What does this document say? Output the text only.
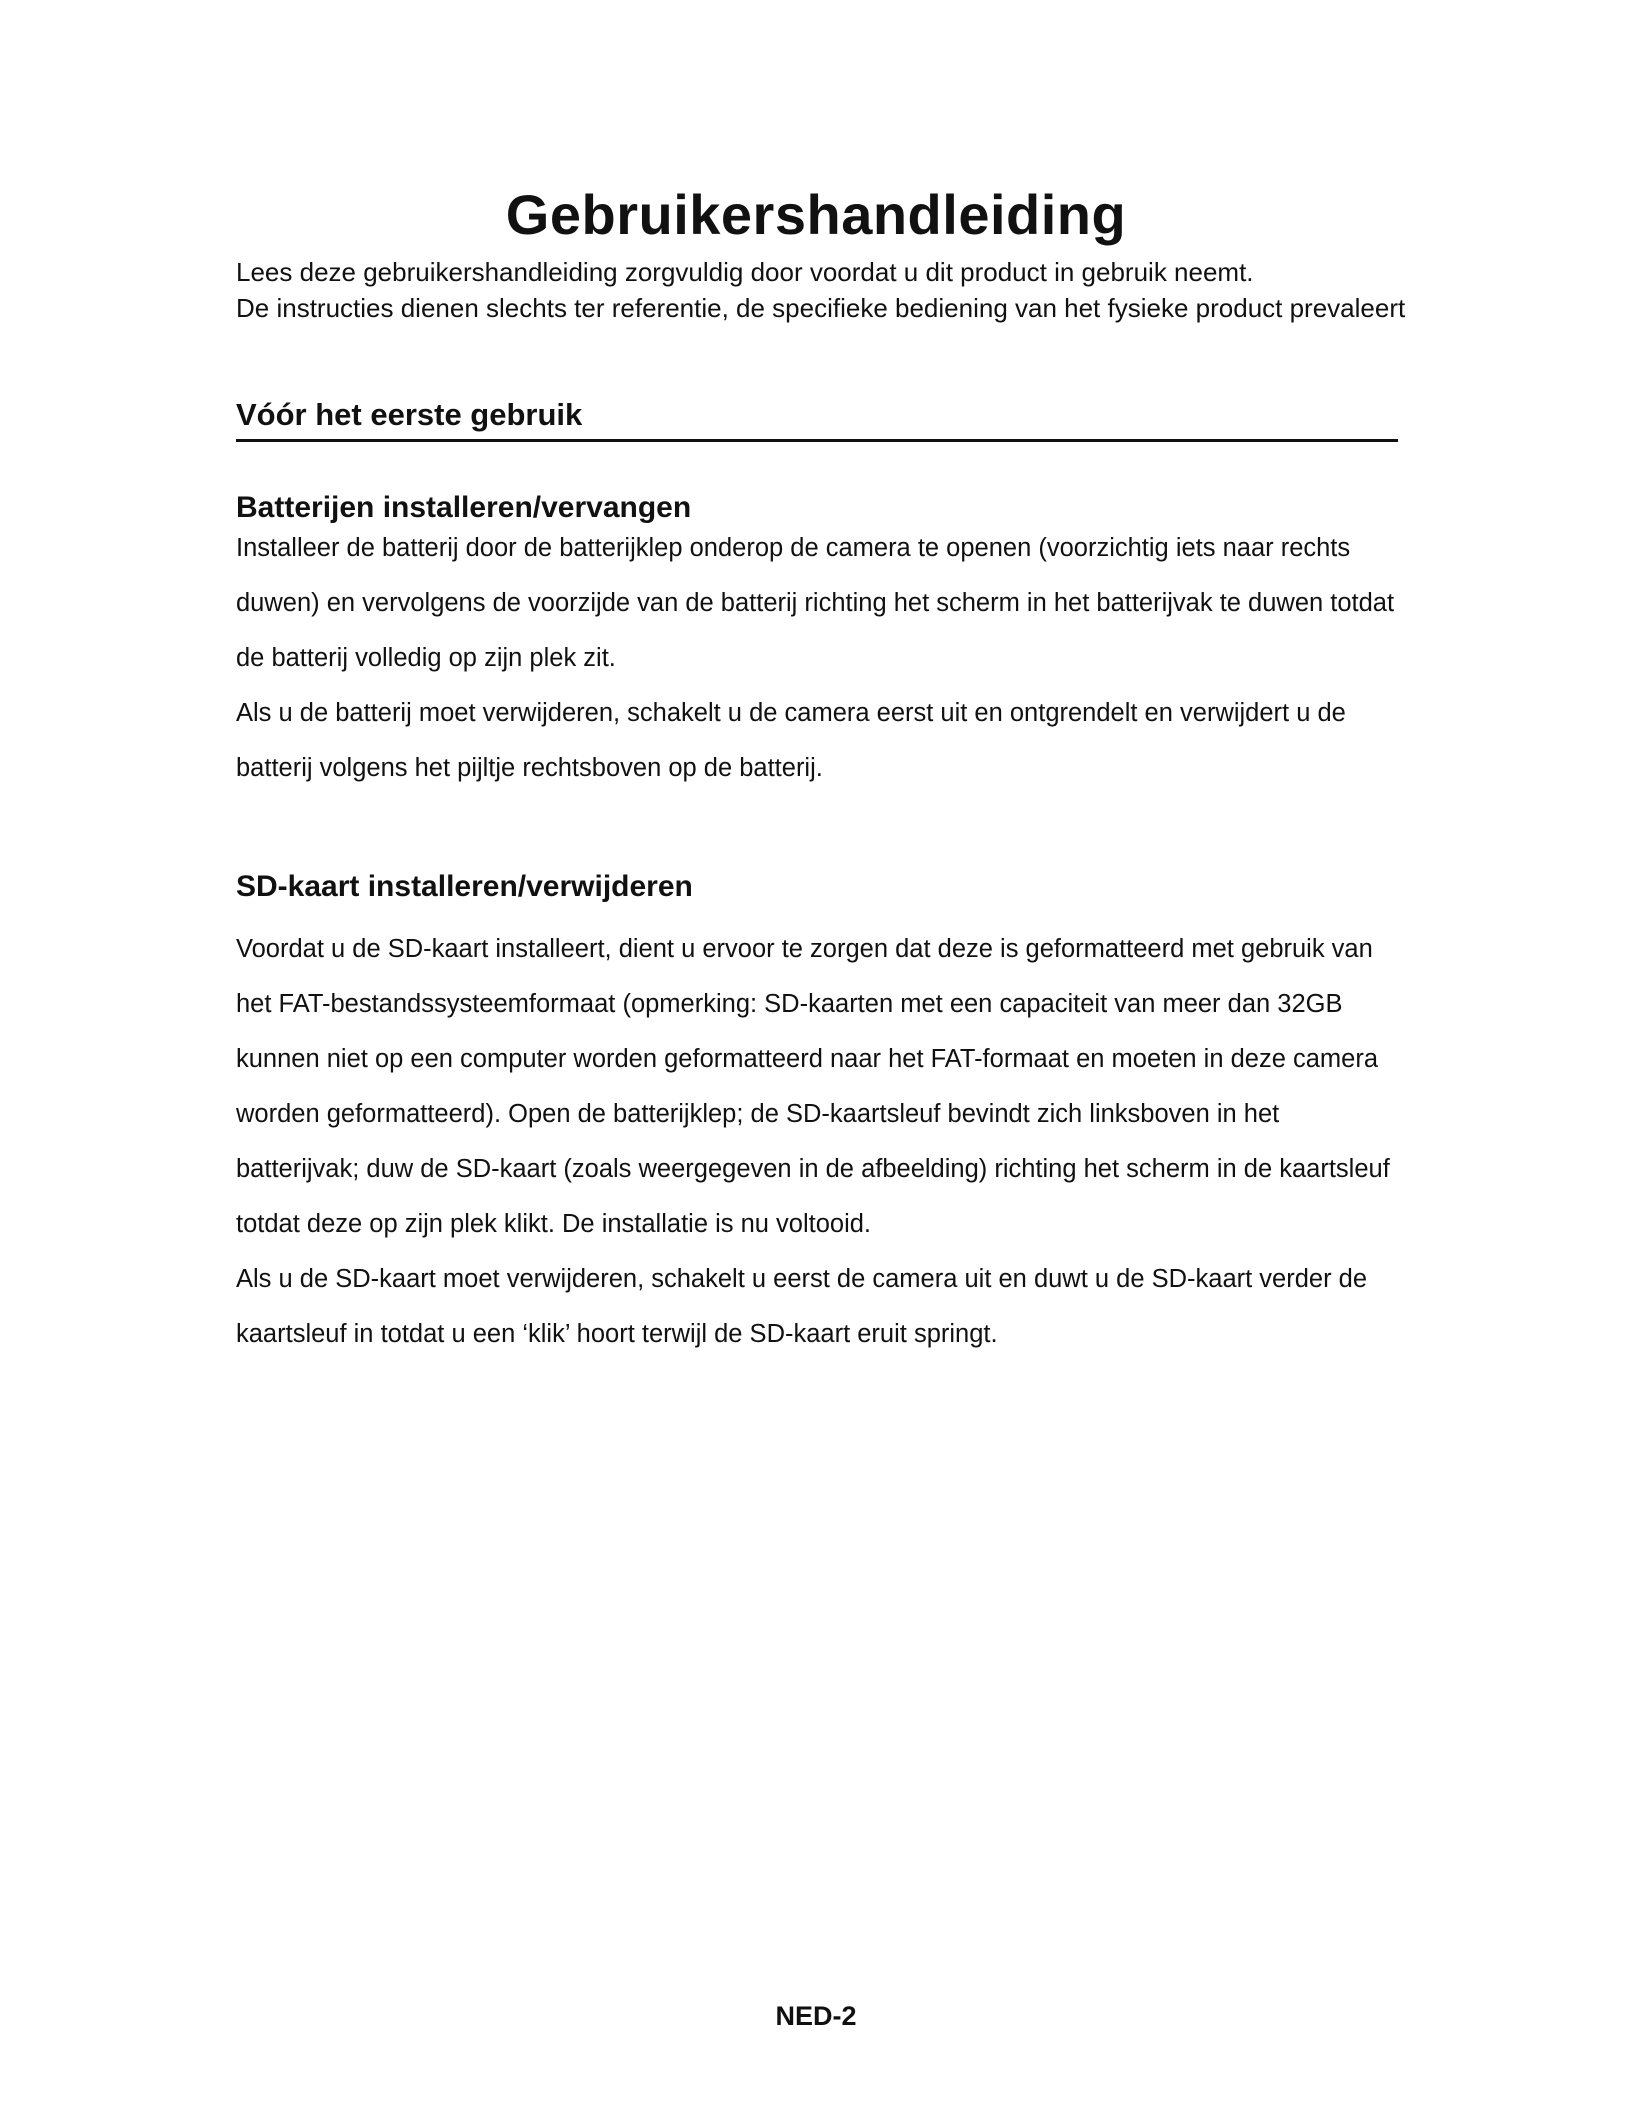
Gebruikershandleiding

Lees deze gebruikershandleiding zorgvuldig door voordat u dit product in gebruik neemt.

De instructies dienen slechts ter referentie, de specifieke bediening van het fysieke product prevaleert

Vóór het eerste gebruik
Batterijen installeren/vervangen

Installeer de batterij door de batterijklep onderop de camera te openen (voorzichtig iets naar rechts duwen) en vervolgens de voorzijde van de batterij richting het scherm in het batterijvak te duwen totdat de batterij volledig op zijn plek zit.

Als u de batterij moet verwijderen, schakelt u de camera eerst uit en ontgrendelt en verwijdert u de batterij volgens het pijltje rechtsboven op de batterij.

SD-kaart installeren/verwijderen

Voordat u de SD-kaart installeert, dient u ervoor te zorgen dat deze is geformatteerd met gebruik van het FAT-bestandssysteemformaat (opmerking: SD-kaarten met een capaciteit van meer dan 32GB kunnen niet op een computer worden geformatteerd naar het FAT-formaat en moeten in deze camera worden geformatteerd). Open de batterijklep; de SD-kaartsleuf bevindt zich linksboven in het batterijvak; duw de SD-kaart (zoals weergegeven in de afbeelding) richting het scherm in de kaartsleuf totdat deze op zijn plek klikt. De installatie is nu voltooid.

Als u de SD-kaart moet verwijderen, schakelt u eerst de camera uit en duwt u de SD-kaart verder de kaartsleuf in totdat u een ‘klik’ hoort terwijl de SD-kaart eruit springt.

NED-2
